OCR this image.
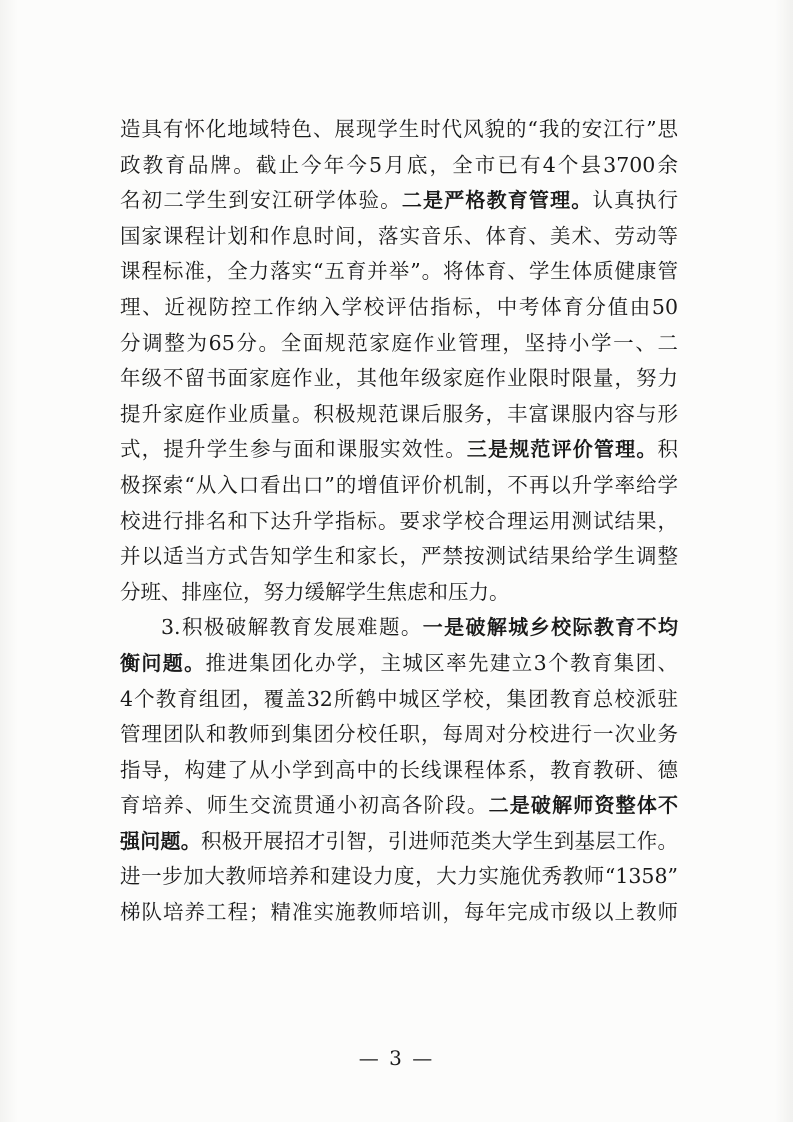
造具有怀化地域特色、展现学生时代风貌的“我的安江行”思
政教育品牌。截止今年今5月底，全市已有4个县3700余
名初二学生到安江研学体验。二是严格教育管理。认真执行
国家课程计划和作息时间，落实音乐、体育、美术、劳动等
课程标准，全力落实“五育并举”。将体育、学生体质健康管
理、近视防控工作纳入学校评估指标，中考体育分值由50
分调整为65分。全面规范家庭作业管理，坚持小学一、二
年级不留书面家庭作业，其他年级家庭作业限时限量，努力
提升家庭作业质量。积极规范课后服务，丰富课服内容与形
式，提升学生参与面和课服实效性。三是规范评价管理。积
极探索“从入口看出口”的增值评价机制，不再以升学率给学
校进行排名和下达升学指标。要求学校合理运用测试结果，
并以适当方式告知学生和家长，严禁按测试结果给学生调整
分班、排座位，努力缓解学生焦虑和压力。
3.积极破解教育发展难题。一是破解城乡校际教育不均
衡问题。推进集团化办学，主城区率先建立3个教育集团、
4个教育组团，覆盖32所鹤中城区学校，集团教育总校派驻
管理团队和教师到集团分校任职，每周对分校进行一次业务
指导，构建了从小学到高中的长线课程体系，教育教研、德
育培养、师生交流贯通小初高各阶段。二是破解师资整体不
强问题。积极开展招才引智，引进师范类大学生到基层工作。
进一步加大教师培养和建设力度，大力实施优秀教师“1358”
梯队培养工程；精准实施教师培训，每年完成市级以上教师
— 3 —
